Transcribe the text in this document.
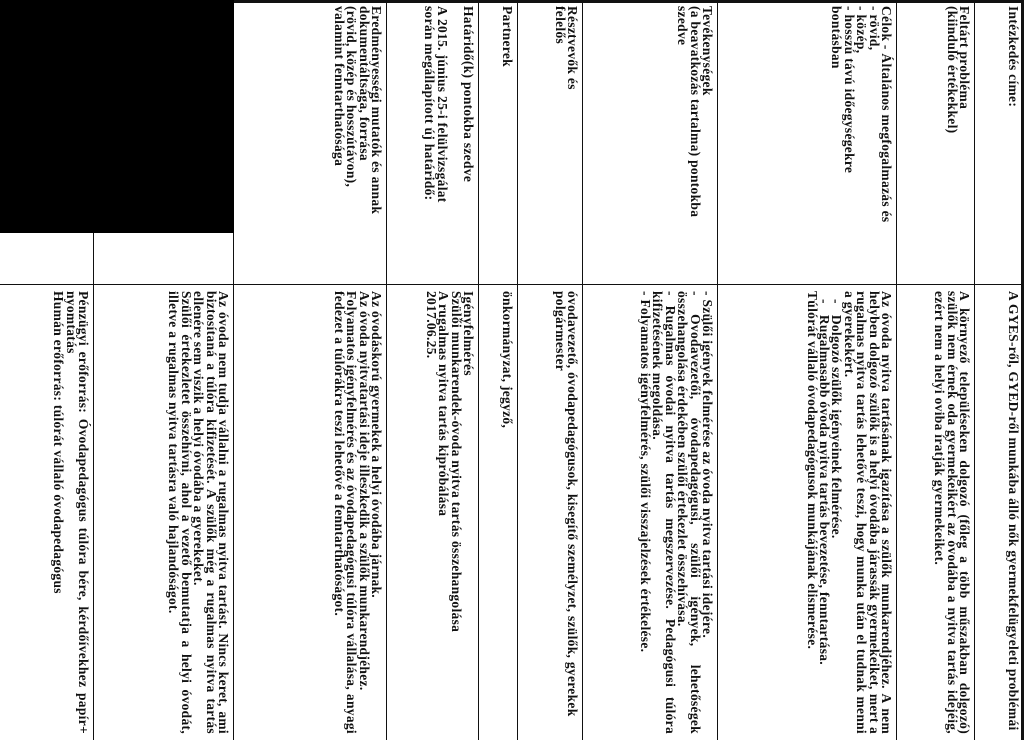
Intézkedés címe:

A GYES-ről, GYED-ről munkába álló nők gyermekfelügyeleti problémái

Feltárt probléma

(kiinduló értékekkel)

A környező településeken dolgozó (főleg a több műszakban dolgozó) szülők nem érnek oda gyermekeikért az óvodába a nyitva tartás idejéig, ezért nem a helyi oviba íratják gyermekeiket.

Célok - Általános megfogalmazás és

- rövid,

- közép,

- hosszú távú időegységekre

bontásban

Az óvoda nyitva tartásának igazítása a szülők munkarendjéhez. A nem helyben dolgozó szülők is a helyi óvodába járassák gyermekeiket, mert a rugalmas nyitva tartás lehetővé teszi, hogy munka után el tudnak menni a gyerekekért.

-

Dolgozó szülők igényeinek felmérése.

-

Rugalmasabb óvoda nyitva tartás bevezetése, fenntartása.

Túlórát vállaló óvodapedagógusok munkájának elismerése.

Tevékenységek

(a beavatkozás tartalma) pontokba

szedve

- Szülői igények felmérése az óvoda nyitva tartási idejére.

- Óvodavezetői, óvodapedagógusi, szülői igények, lehetőségek összehangolása érdekében szülői értekezlet összehívása.

- Rugalmas óvodai nyitva tartás megszervezése. Pedagógusi túlóra kifizetésének megoldása.

- Folyamatos igényfelmérés, szülői visszajelzések értékelése.

Résztvevők és

felelős

óvodavezető, óvodapedagógusok, kisegítő személyzet, szülők, gyerekek

polgármester

Partnerek

önkormányzat, jegyző,

Határidő(k) pontokba szedve

A 2015. június 25-i felülvizsgálat

során megállapított új határidő:

Igényfelmérés

Szülői munkarendek-óvoda nyitva tartás összehangolása

A rugalmas nyitva tartás kipróbálása

2017.06.25.

Eredményességi mutatók és annak

dokumentáltsága, forrása

(rövid, közép és hosszútávon),

valamint fenntarthatósága

Az óvodáskorú gyermekek a helyi óvodába járnak.

Az óvoda nyitvatartási ideje illeszkedik a szülők munkarendjéhez.

Folyamatos igényfelmérés és az óvodapedagógusi túlóra vállalása, anyagi fedezet a túlórákra teszi lehetővé a fenntarthatóságot.

Az óvoda nem tudja vállalni a rugalmas nyitva tartást. Nincs keret, ami biztosítaná a túlóra kifizetését. A szülők még a rugalmas nyitva tartás ellenére sem viszik a helyi óvodába a gyerekeket.

Szülői értekezletet összehívni, ahol a vezető bemutatja a helyi óvodát, illetve a rugalmas nyitva tartásra való hajlandóságot.

Pénzügyi erőforrás: Óvodapedagógus túlóra bére, kérdőívekhez papír+ nyomtatás

Humán erőforrás: túlórát vállaló óvodapedagógus
